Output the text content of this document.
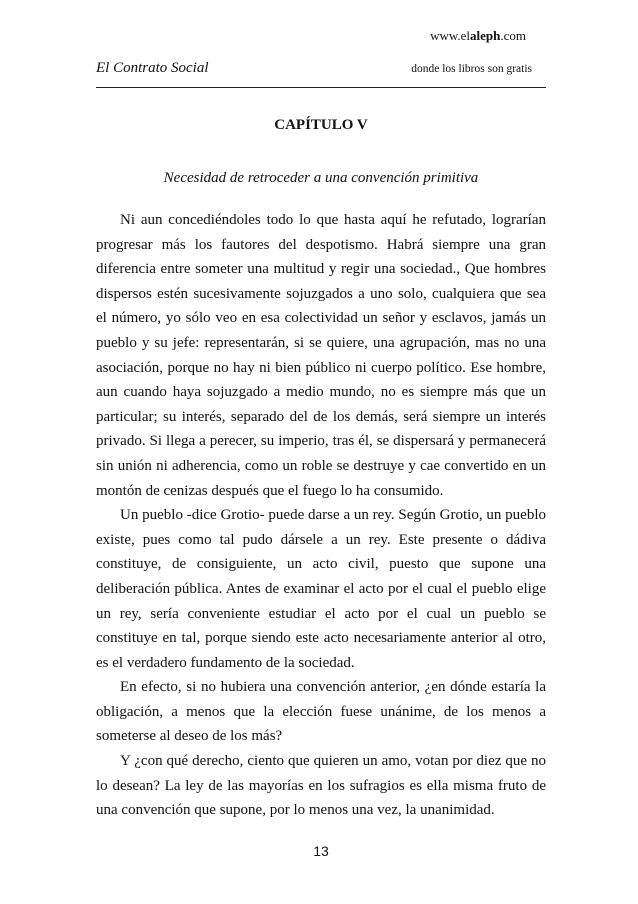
www.elaleph.com
El Contrato Social	donde los libros son gratis
CAPÍTULO V
Necesidad de retroceder a una convención primitiva

Ni aun concediéndoles todo lo que hasta aquí he refutado, lograrían progresar más los fautores del despotismo. Habrá siempre una gran diferencia entre someter una multitud y regir una sociedad., Que hombres dispersos estén sucesivamente sojuzgados a uno solo, cualquiera que sea el número, yo sólo veo en esa colectividad un señor y esclavos, jamás un pueblo y su jefe: representarán, si se quiere, una agrupación, mas no una asociación, porque no hay ni bien público ni cuerpo político. Ese hombre, aun cuando haya sojuzgado a medio mundo, no es siempre más que un particular; su interés, separado del de los demás, será siempre un interés privado. Si llega a perecer, su imperio, tras él, se dispersará y permanecerá sin unión ni adherencia, como un roble se destruye y cae convertido en un montón de cenizas después que el fuego lo ha consumido.

Un pueblo -dice Grotio- puede darse a un rey. Según Grotio, un pueblo existe, pues como tal pudo dársele a un rey. Este presente o dádiva constituye, de consiguiente, un acto civil, puesto que supone una deliberación pública. Antes de examinar el acto por el cual el pueblo elige un rey, sería conveniente estudiar el acto por el cual un pueblo se constituye en tal, porque siendo este acto necesariamente anterior al otro, es el verdadero fundamento de la sociedad.

En efecto, si no hubiera una convención anterior, ¿en dónde estaría la obligación, a menos que la elección fuese unánime, de los menos a someterse al deseo de los más?

Y ¿con qué derecho, ciento que quieren un amo, votan por diez que no lo desean? La ley de las mayorías en los sufragios es ella misma fruto de una convención que supone, por lo menos una vez, la unanimidad.

13
